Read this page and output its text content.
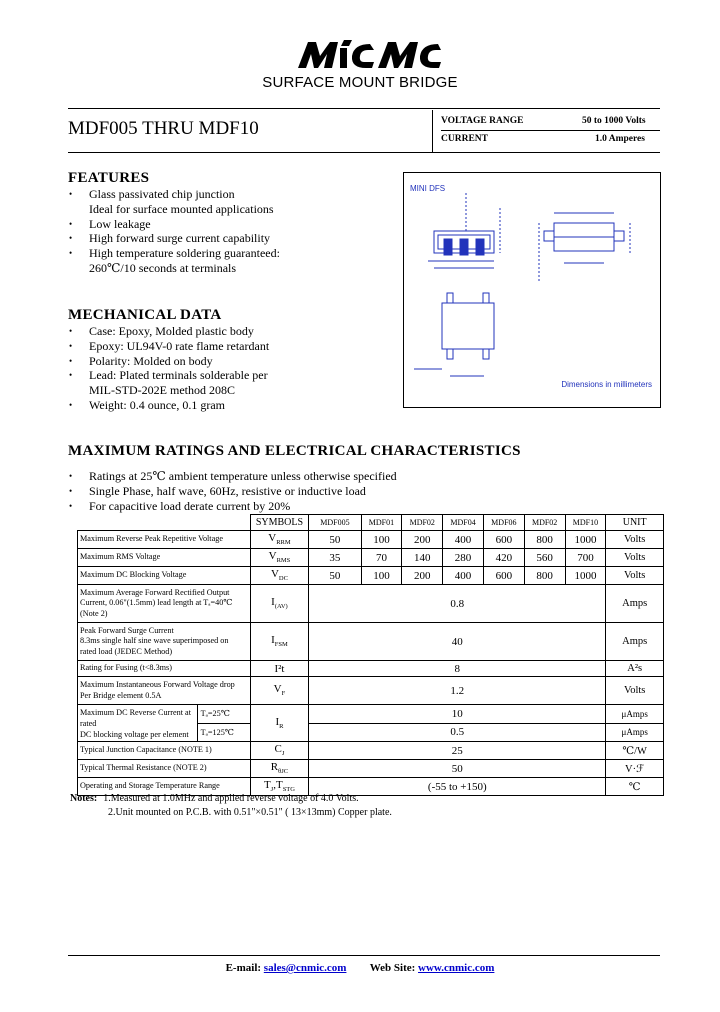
SURFACE MOUNT BRIDGE
MDF005 THRU MDF10	VOLTAGE RANGE	50 to 1000 Volts
CURRENT	1.0 Amperes
FEATURES
• Glass passivated chip junction
Ideal for surface mounted applications
• Low leakage
• High forward surge current capability
• High temperature soldering guaranteed:
260℃/10 seconds at terminals
MECHANICAL DATA
• Case: Epoxy, Molded plastic body
• Epoxy: UL94V-0 rate flame retardant
• Polarity: Molded on body
• Lead: Plated terminals solderable per
MIL-STD-202E method 208C
• Weight: 0.4 ounce, 0.1 gram
MINI DFS
Dimensions in millimeters
MAXIMUM RATINGS AND ELECTRICAL CHARACTERISTICS
• Ratings at 25℃ ambient temperature unless otherwise specified
• Single Phase, half wave, 60Hz, resistive or inductive load
• For capacitive load derate current by 20%
	SYMBOLS	MDF005	MDF01	MDF02	MDF04	MDF06	MDF02	MDF10	UNIT
Maximum Reverse Peak Repetitive Voltage	$V_{RRM}$	50	100	200	400	600	800	1000	Volts
Maximum RMS Voltage	$V_{RMS}$	35	70	140	280	420	560	700	Volts
Maximum DC Blocking Voltage	$V_{DC}$	50	100	200	400	600	800	1000	Volts

Maximum Average Forward Rectified Output
Current, 0.06"(1.5mm) lead length at Tₐ=40℃
(Note 2)	$I_{(AV)}$	0.8							Amps

Peak Forward Surge Current
8.3ms single half sine wave superimposed on
rated load (JEDEC Method)	$I_{FSM}$	40							Amps
Rating for Fusing (t<8.3ms)	I²t	8							A²s

Maximum Instantaneous Forward Voltage drop
Per Bridge element 0.5A	$V_F$	1.2							Volts

Maximum DC Reverse Current at rated
DC blocking voltage per element
Tₐ=25℃
Tₐ=125℃	$I_R$	10							μAmps
		0.5							μAmps
Typical Junction Capacitance (NOTE 1)	$C_J$	25							℃/W
Typical Thermal Resistance (NOTE 2)	$R_{\theta JC}$	50							V·ℱ
Operating and Storage Temperature Range	$T_J,T_{STG}$	(-55 to +150)							℃
Notes: 1.Measured at 1.0MHz and applied reverse voltage of 4.0 Volts.
2.Unit mounted on P.C.B. with 0.51"×0.51" ( 13×13mm) Copper plate.
E-mail: sales@cnmic.com Web Site: www.cnmic.com
